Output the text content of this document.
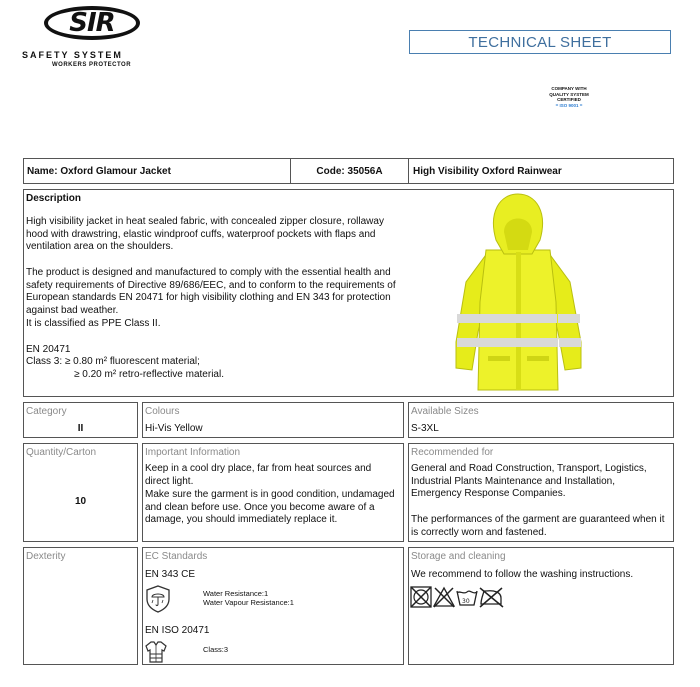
SIR
SAFETY SYSTEM
WORKERS PROTECTOR
TECHNICAL SHEET
COMPANY WITH
QUALITY SYSTEM
CERTIFIED
= ISO 9001 =
Name: Oxford Glamour Jacket	Code: 35056A	High Visibility Oxford Rainwear
Description
High visibility jacket in heat sealed fabric, with concealed zipper closure, rollaway hood with drawstring, elastic windproof cuffs, waterproof pockets with flaps and ventilation area on the shoulders.
The product is designed and manufactured to comply with the essential health and safety requirements of Directive 89/686/EEC, and to conform to the requirements of European standards EN 20471 for high visibility clothing and EN 343 for protection against bad weather.
It is classified as PPE Class II.
EN 20471
Class 3: ≥ 0.80 m² fluorescent material;
≥ 0.20 m² retro-reflective material.
Category
II
Colours
Hi-Vis Yellow
Available Sizes
S-3XL
Quantity/Carton
10
Important Information
Keep in a cool dry place, far from heat sources and direct light.
Make sure the garment is in good condition, undamaged and clean before use. Once you become aware of a damage, you should immediately replace it.
Recommended for
General and Road Construction, Transport, Logistics, Industrial Plants Maintenance and Installation, Emergency Response Companies.
The performances of the garment are guaranteed when it is correctly worn and fastened.
Dexterity	EC Standards
EN 343 CE
Water Resistance:1
Water Vapour Resistance:1
EN ISO 20471
Class:3
Storage and cleaning
We recommend to follow the washing instructions.
30
